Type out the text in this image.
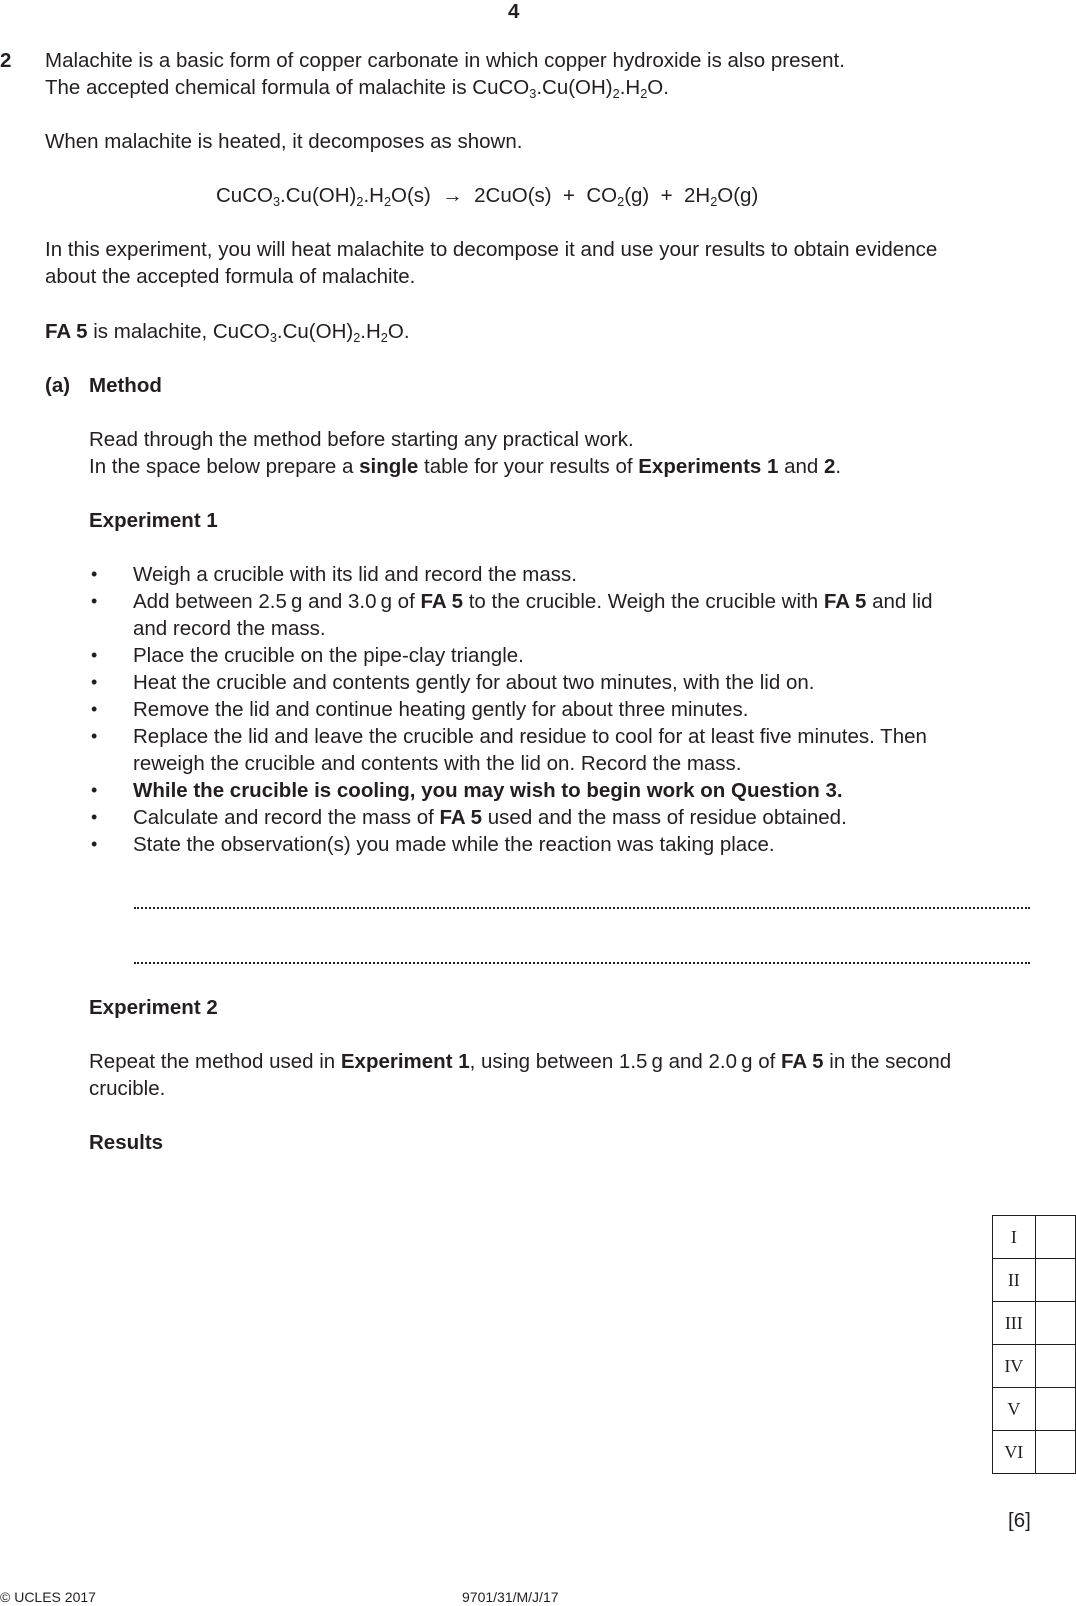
4
2 Malachite is a basic form of copper carbonate in which copper hydroxide is also present.
The accepted chemical formula of malachite is $CuCO_3.Cu(OH)_2.H_2O$.
When malachite is heated, it decomposes as shown.
$CuCO_3.Cu(OH)_2.H_2O(s) \to 2CuO(s) + CO_2(g) + 2H_2O(g)$
In this experiment, you will heat malachite to decompose it and use your results to obtain evidence
about the accepted formula of malachite.
FA 5 is malachite, $CuCO_3.Cu(OH)_2.H_2O$.
(a) Method
Read through the method before starting any practical work.
In the space below prepare a single table for your results of Experiments 1 and 2.
Experiment 1
• Weigh a crucible with its lid and record the mass.
• Add between 2.5 g and 3.0 g of FA 5 to the crucible. Weigh the crucible with FA 5 and lid
and record the mass.
• Place the crucible on the pipe-clay triangle.
• Heat the crucible and contents gently for about two minutes, with the lid on.
• Remove the lid and continue heating gently for about three minutes.
• Replace the lid and leave the crucible and residue to cool for at least five minutes. Then
reweigh the crucible and contents with the lid on. Record the mass.
• While the crucible is cooling, you may wish to begin work on Question 3.
• Calculate and record the mass of FA 5 used and the mass of residue obtained.
• State the observation(s) you made while the reaction was taking place.
Experiment 2
Repeat the method used in Experiment 1, using between 1.5 g and 2.0 g of FA 5 in the second
crucible.
Results
I	
II	
III	
IV	
V	
VI	
[6]
© UCLES 2017	9701/31/M/J/17
